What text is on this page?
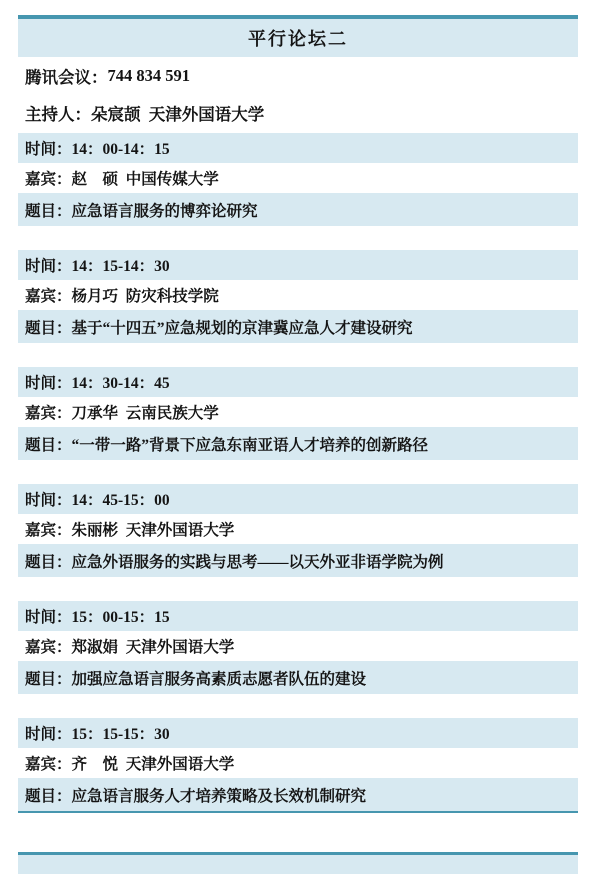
平行论坛二
腾讯会议： 744 834 591
主持人： 朵宸颉  天津外国语大学
时间： 14：00-14：15
嘉宾： 赵　硕  中国传媒大学
题目： 应急语言服务的博弈论研究
时间： 14：15-14：30
嘉宾： 杨月巧  防灾科技学院
题目： 基于“十四五”应急规划的京津冀应急人才建设研究
时间： 14：30-14：45
嘉宾： 刀承华  云南民族大学
题目： “一带一路”背景下应急东南亚语人才培养的创新路径
时间： 14：45-15：00
嘉宾： 朱丽彬  天津外国语大学
题目： 应急外语服务的实践与思考——以天外亚非语学院为例
时间： 15：00-15：15
嘉宾： 郑淑娟  天津外国语大学
题目： 加强应急语言服务高素质志愿者队伍的建设
时间： 15：15-15：30
嘉宾： 齐　悦  天津外国语大学
题目： 应急语言服务人才培养策略及长效机制研究
